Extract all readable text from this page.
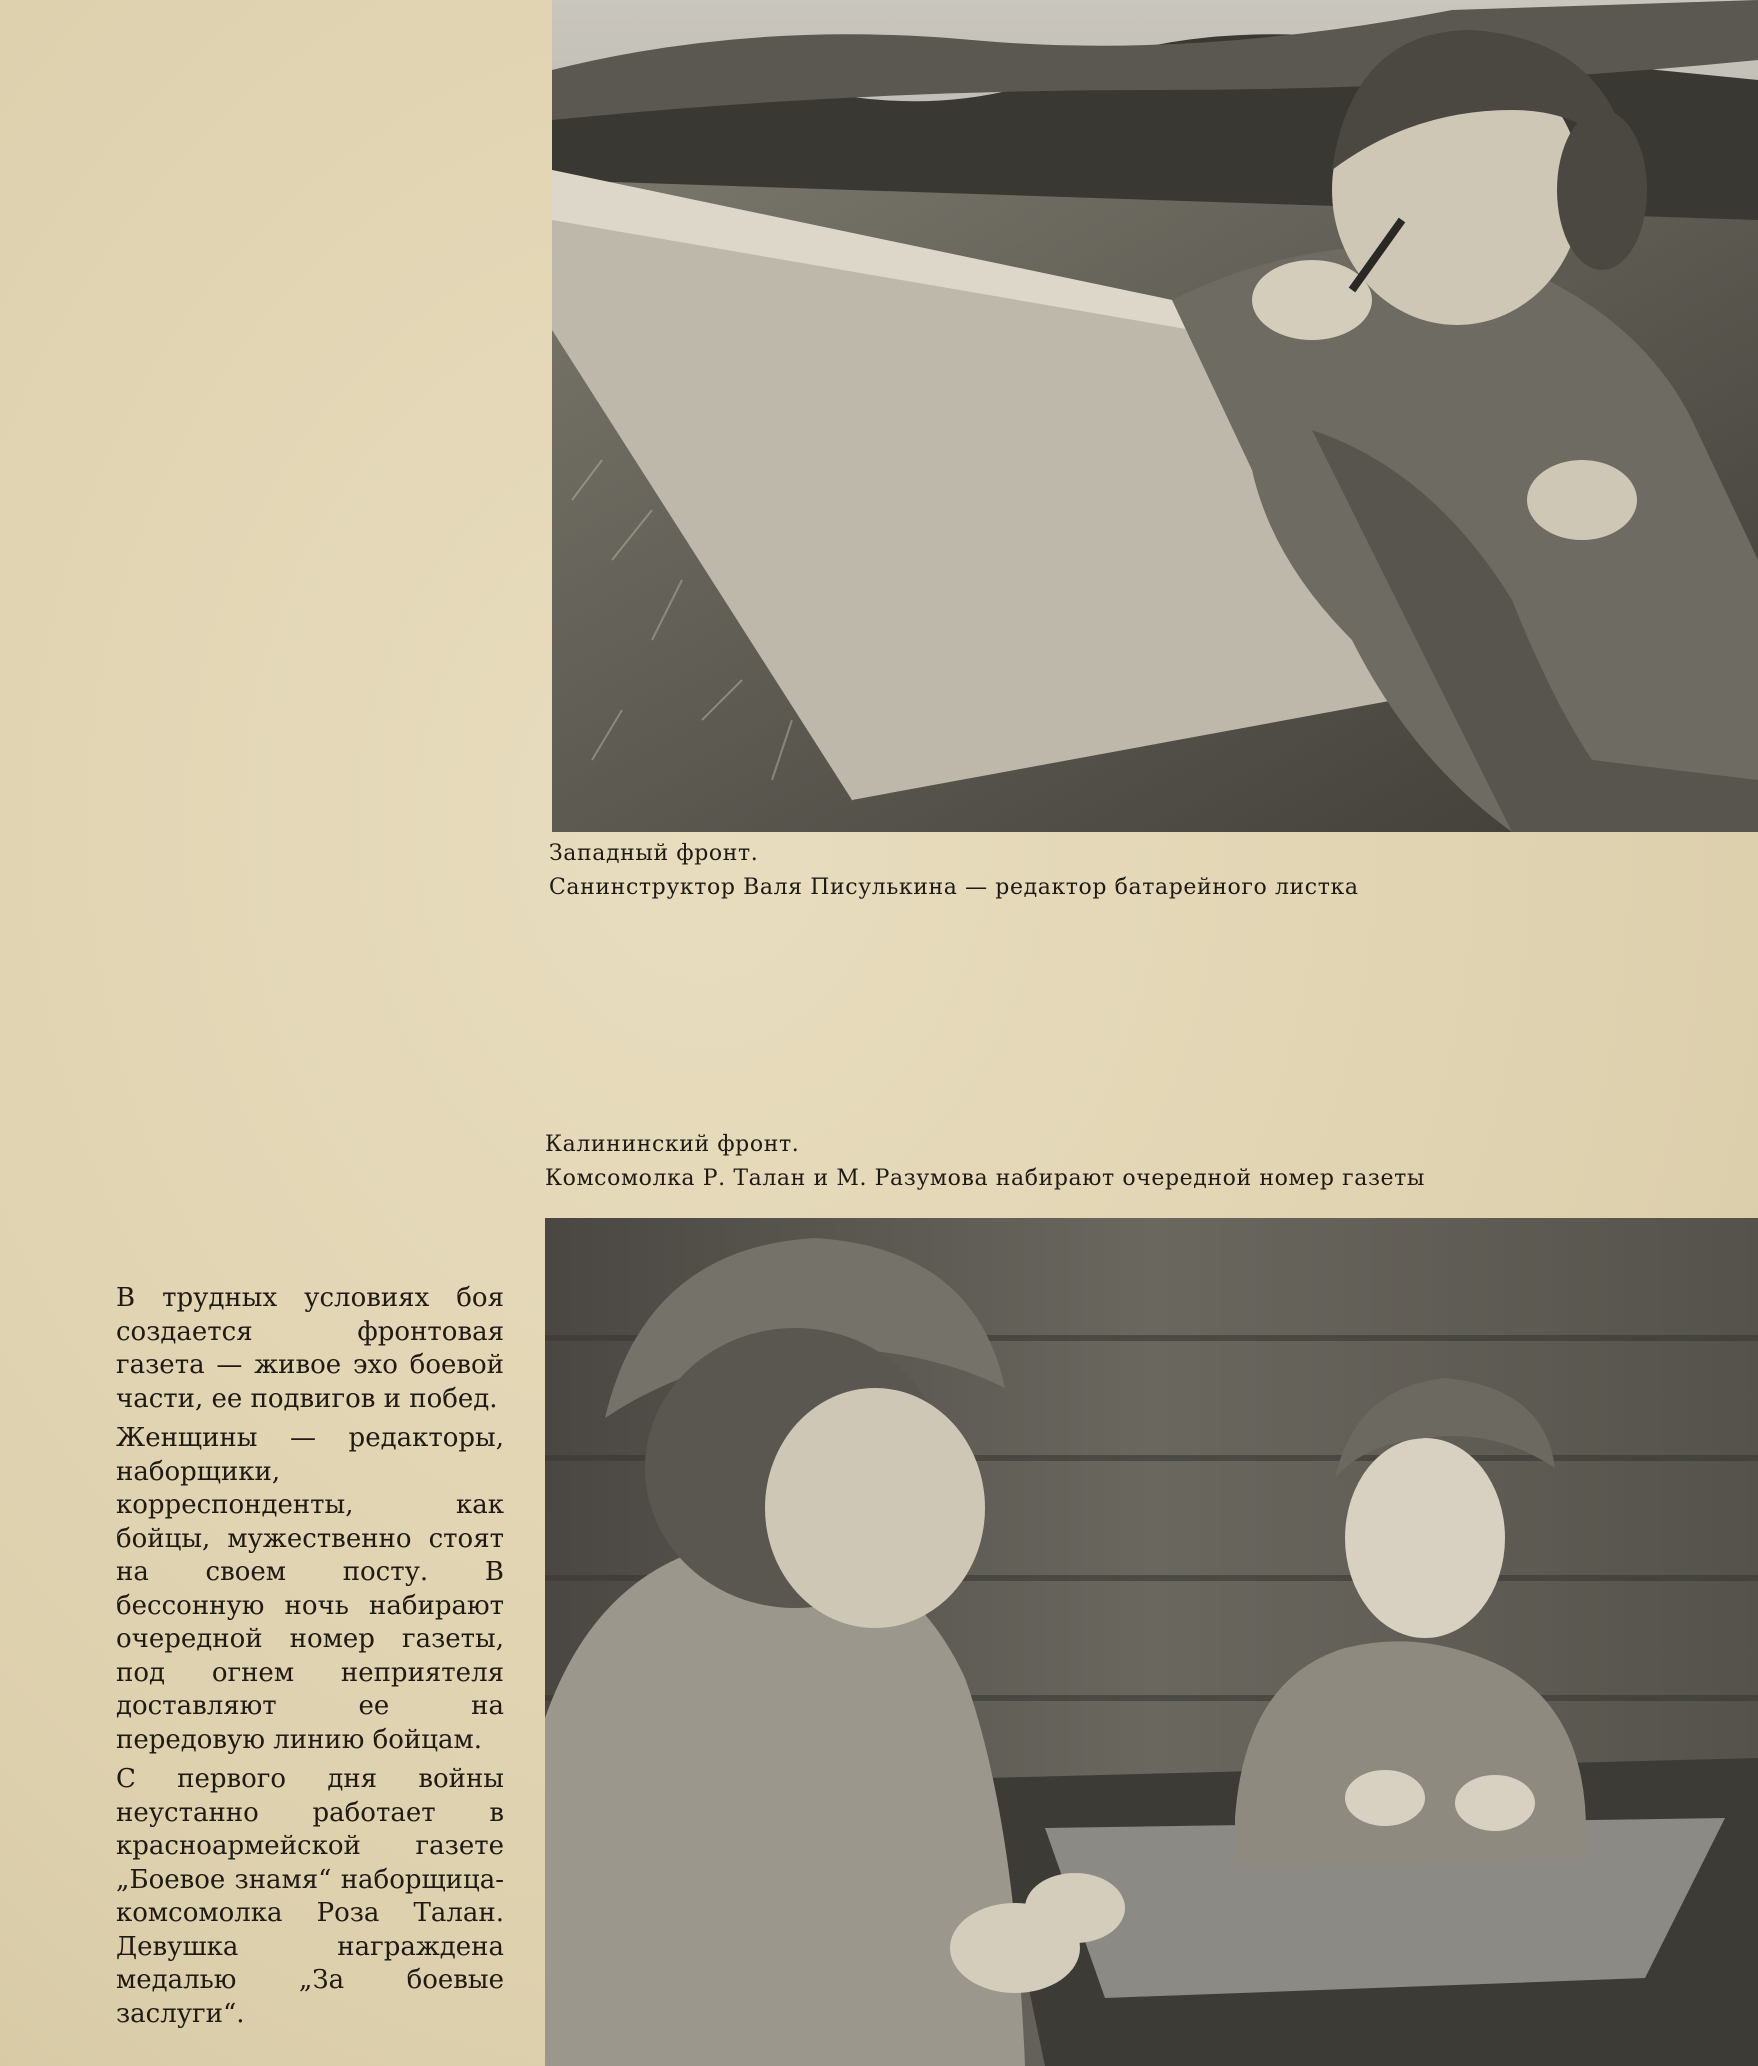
Западный фронт.
Санинструктор Валя Писулькина — редактор батарейного листка
Калининский фронт.
Комсомолка Р. Талан и М. Разумова набирают очередной номер газеты

В трудных условиях боя создается фронтовая газета — живое эхо боевой части, ее подвигов и побед.

Женщины — редакторы, наборщики, корреспонденты, как бойцы, мужественно стоят на своем посту. В бессонную ночь набирают очередной номер газеты, под огнем неприятеля доставляют ее на передовую линию бойцам.

С первого дня войны неустанно работает в красноармейской газете „Боевое знамя“ наборщица-комсомолка Роза Талан. Девушка награждена медалью „За боевые заслуги“.
